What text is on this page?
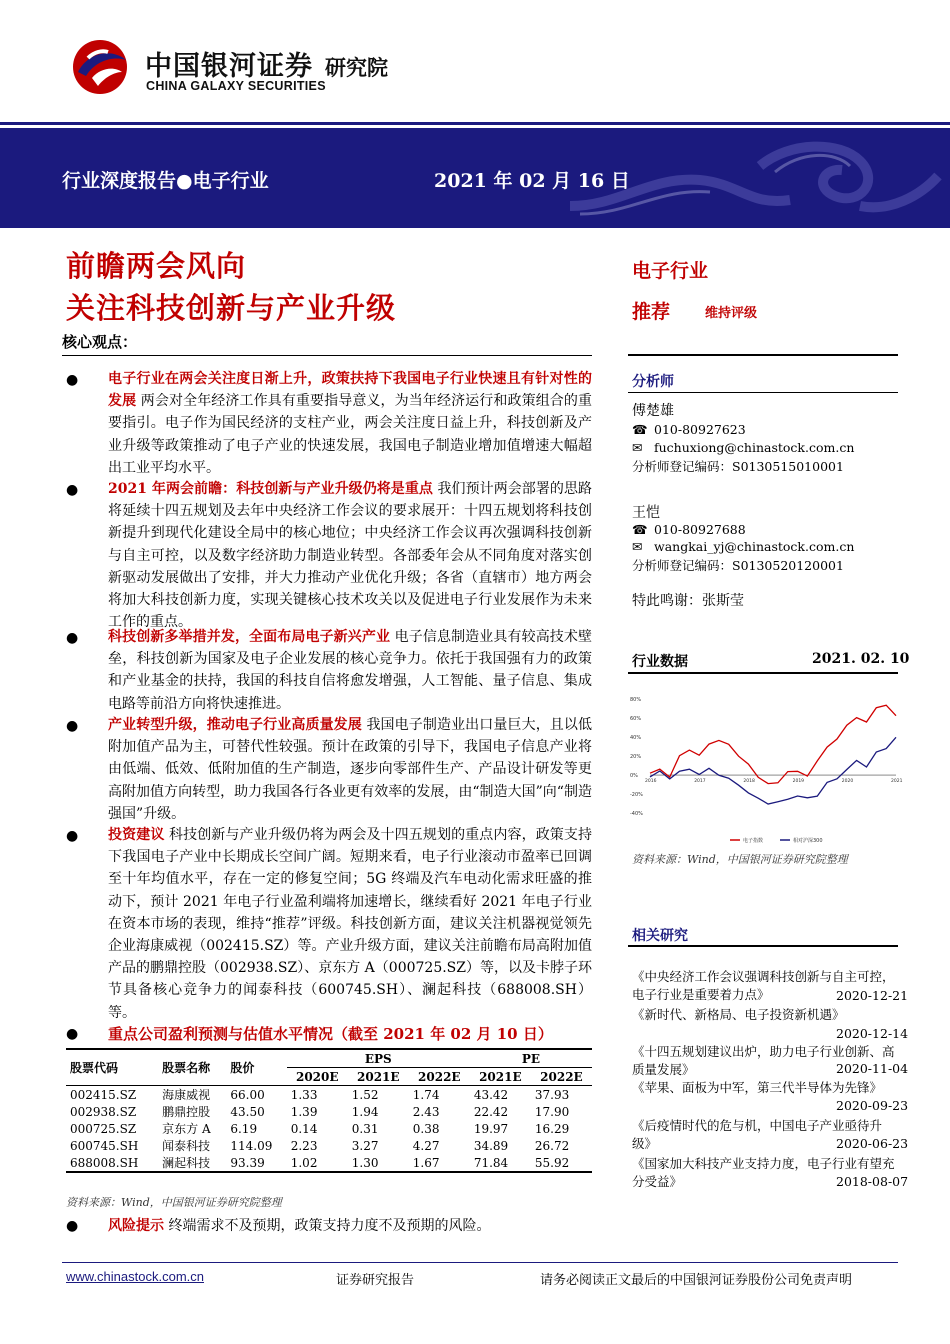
中国银河证券 研究院
CHINA GALAXY SECURITIES
行业深度报告●电子行业	2021 年 02 月 16 日
前瞻两会风向
关注科技创新与产业升级
核心观点：
● 电子行业在两会关注度日渐上升，政策扶持下我国电子行业快速且有针对性的发展 两会对全年经济工作具有重要指导意义，为当年经济运行和政策组合的重要指引。电子作为国民经济的支柱产业，两会关注度日益上升，科技创新及产业升级等政策推动了电子产业的快速发展，我国电子制造业增加值增速大幅超出工业平均水平。
● 2021 年两会前瞻：科技创新与产业升级仍将是重点 我们预计两会部署的思路将延续十四五规划及去年中央经济工作会议的要求展开：十四五规划将科技创新提升到现代化建设全局中的核心地位；中央经济工作会议再次强调科技创新与自主可控，以及数字经济助力制造业转型。各部委年会从不同角度对落实创新驱动发展做出了安排，并大力推动产业优化升级；各省（直辖市）地方两会将加大科技创新力度，实现关键核心技术攻关以及促进电子行业发展作为未来工作的重点。
● 科技创新多举措并发，全面布局电子新兴产业 电子信息制造业具有较高技术壁垒，科技创新为国家及电子企业发展的核心竞争力。依托于我国强有力的政策和产业基金的扶持，我国的科技自信将愈发增强，人工智能、量子信息、集成电路等前沿方向将快速推进。
● 产业转型升级，推动电子行业高质量发展 我国电子制造业出口量巨大，且以低附加值产品为主，可替代性较强。预计在政策的引导下，我国电子信息产业将由低端、低效、低附加值的生产制造，逐步向零部件生产、产品设计研发等更高附加值方向转型，助力我国各行各业更有效率的发展，由“制造大国”向“制造强国”升级。
● 投资建议 科技创新与产业升级仍将为两会及十四五规划的重点内容，政策支持下我国电子产业中长期成长空间广阔。短期来看，电子行业滚动市盈率已回调至十年均值水平，存在一定的修复空间；5G 终端及汽车电动化需求旺盛的推动下，预计 2021 年电子行业盈利端将加速增长，继续看好 2021 年电子行业在资本市场的表现，维持“推荐”评级。科技创新方面，建议关注机器视觉领先企业海康威视（002415.SZ）等。产业升级方面，建议关注前瞻布局高附加值产品的鹏鼎控股（002938.SZ）、京东方 A（000725.SZ）等，以及卡脖子环节具备核心竞争力的闻泰科技（600745.SH）、澜起科技（688008.SH）等。
● 重点公司盈利预测与估值水平情况（截至 2021 年 02 月 10 日）
股票代码	股票名称	股价	EPS			PE	
			2020E	2021E	2022E	2021E	2022E
002415.SZ	海康威视	66.00	1.33	1.52	1.74	43.42	37.93
002938.SZ	鹏鼎控股	43.50	1.39	1.94	2.43	22.42	17.90
000725.SZ	京东方 A	6.19	0.14	0.31	0.38	19.97	16.29
600745.SH	闻泰科技	114.09	2.23	3.27	4.27	34.89	26.72
688008.SH	澜起科技	93.39	1.02	1.30	1.67	71.84	55.92
资料来源：Wind，中国银河证券研究院整理
● 风险提示 终端需求不及预期，政策支持力度不及预期的风险。
电子行业
推荐	维持评级
分析师
傅楚雄
☎ 010-80927623
✉ fuchuxiong@chinastock.com.cn
分析师登记编码：S0130515010001
王恺
☎ 010-80927688
✉ wangkai_yj@chinastock.com.cn
分析师登记编码：S0130520120001
特此鸣谢：张斯莹
行业数据	2021. 02. 10
80%
60%
40%
20%
0%
-20%
-40%
2016	2017	2018	2019	2020	2021
电子指数	相对沪深300
资料来源：Wind，中国银河证券研究院整理
相关研究
《中央经济工作会议强调科技创新与自主可控，电子行业是重要着力点》	2020-12-21
《新时代、新格局、电子投资新机遇》
2020-12-14
《十四五规划建议出炉，助力电子行业创新、高质量发展》	2020-11-04
《苹果、面板为中军，第三代半导体为先锋》
2020-09-23
《后疫情时代的危与机，中国电子产业亟待升级》	2020-06-23
《国家加大科技产业支持力度，电子行业有望充分受益》	2018-08-07
www.chinastock.com.cn	证券研究报告	请务必阅读正文最后的中国银河证券股份公司免责声明
